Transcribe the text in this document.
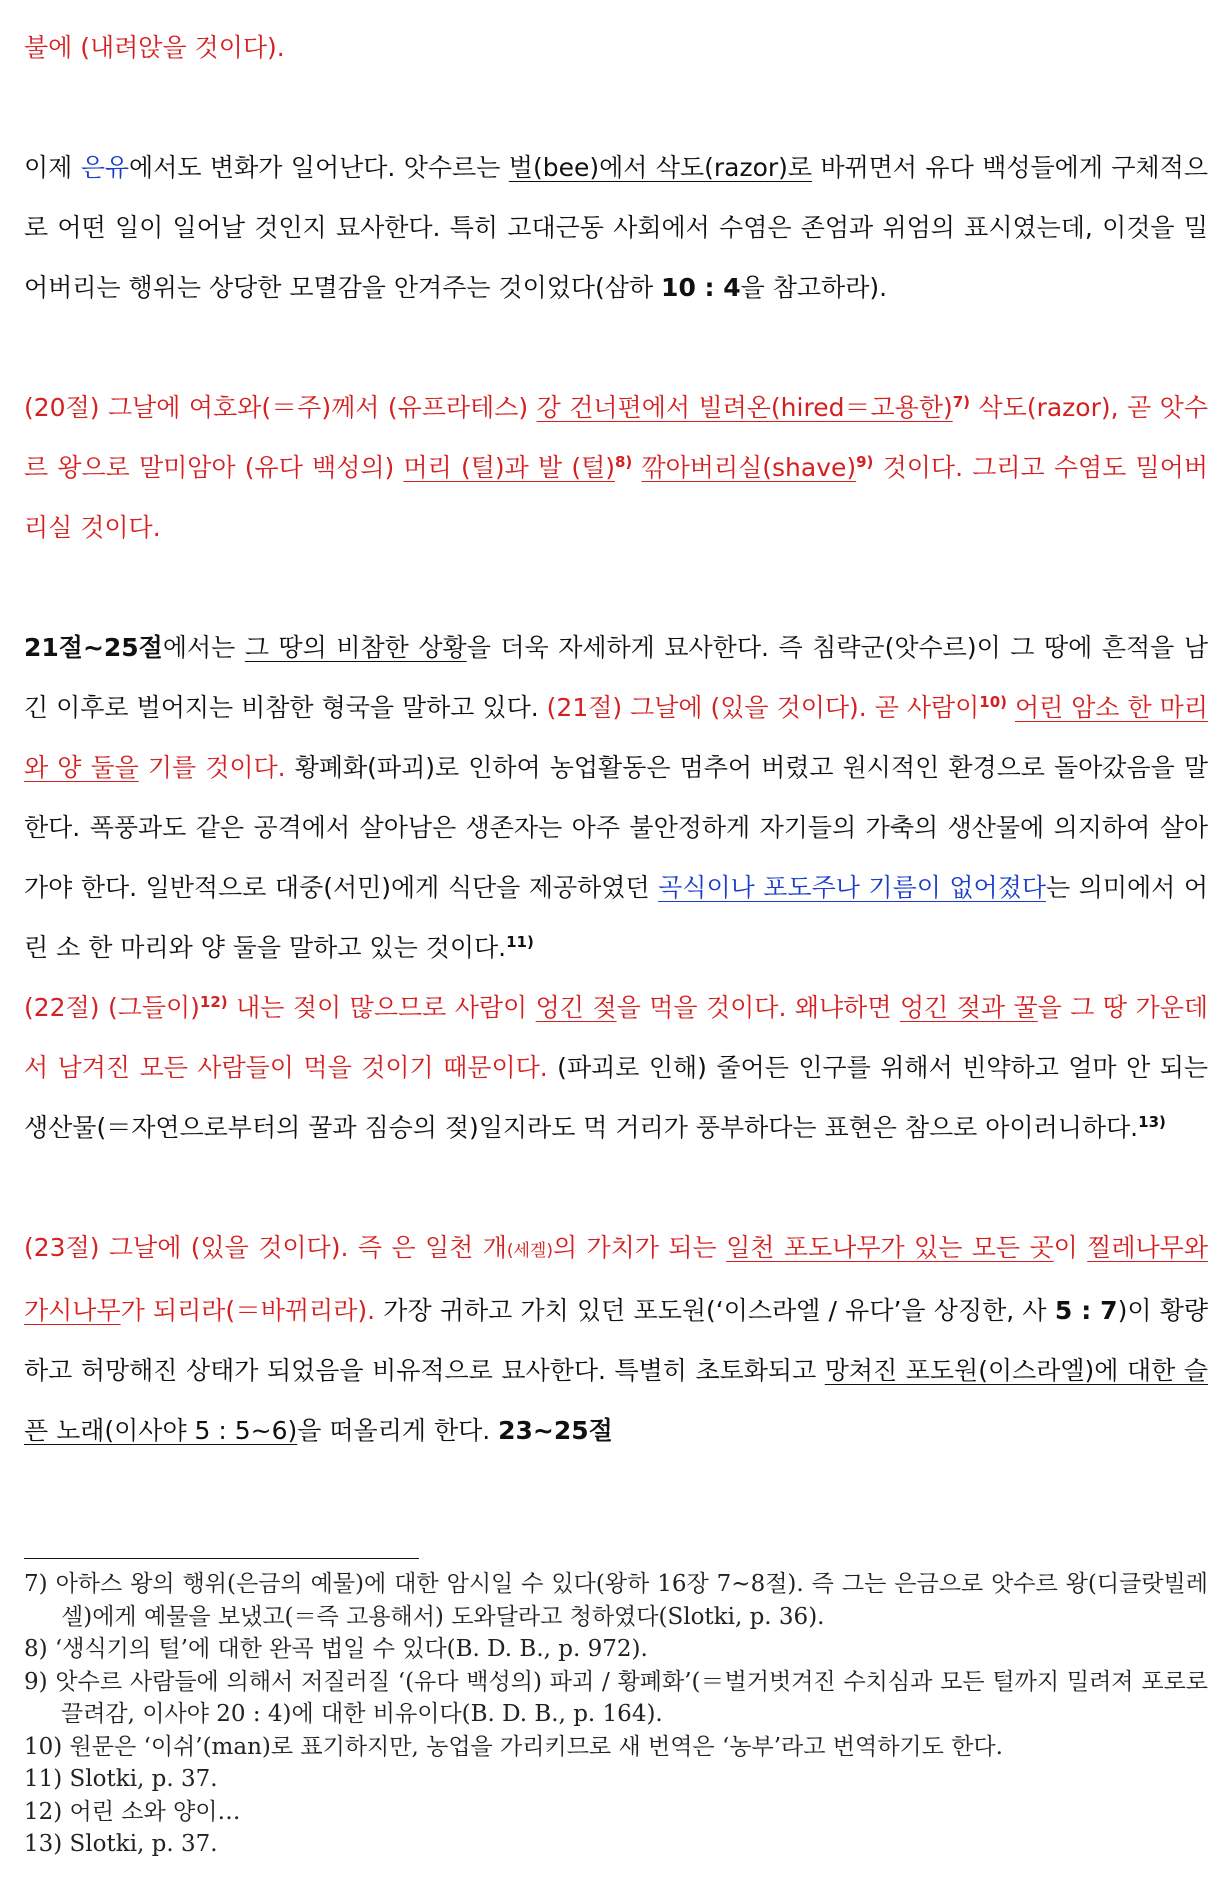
불에 (내려앉을 것이다).

이제 은유에서도 변화가 일어난다. 앗수르는 벌(bee)에서 삭도(razor)로 바뀌면서 유다 백성들에게 구체적으로 어떤 일이 일어날 것인지 묘사한다. 특히 고대근동 사회에서 수염은 존엄과 위엄의 표시였는데, 이것을 밀어버리는 행위는 상당한 모멸감을 안겨주는 것이었다(삼하 10 : 4을 참고하라).

(20절) 그날에 여호와(＝주)께서 (유프라테스) 강 건너편에서 빌려온(hired＝고용한)$^{7)}$ 삭도(razor), 곧 앗수르 왕으로 말미암아 (유다 백성의) 머리 (털)과 발 (털)$^{8)}$ 깎아버리실(shave)$^{9)}$ 것이다. 그리고 수염도 밀어버리실 것이다.

21절~25절에서는 그 땅의 비참한 상황을 더욱 자세하게 묘사한다. 즉 침략군(앗수르)이 그 땅에 흔적을 남긴 이후로 벌어지는 비참한 형국을 말하고 있다. (21절) 그날에 (있을 것이다). 곧 사람이$^{10)}$ 어린 암소 한 마리와 양 둘을 기를 것이다. 황폐화(파괴)로 인하여 농업활동은 멈추어 버렸고 원시적인 환경으로 돌아갔음을 말한다. 폭풍과도 같은 공격에서 살아남은 생존자는 아주 불안정하게 자기들의 가축의 생산물에 의지하여 살아가야 한다. 일반적으로 대중(서민)에게 식단을 제공하였던 곡식이나 포도주나 기름이 없어졌다는 의미에서 어린 소 한 마리와 양 둘을 말하고 있는 것이다.$^{11)}$

(22절) (그들이)$^{12)}$ 내는 젖이 많으므로 사람이 엉긴 젖을 먹을 것이다. 왜냐하면 엉긴 젖과 꿀을 그 땅 가운데서 남겨진 모든 사람들이 먹을 것이기 때문이다. (파괴로 인해) 줄어든 인구를 위해서 빈약하고 얼마 안 되는 생산물(＝자연으로부터의 꿀과 짐승의 젖)일지라도 먹 거리가 풍부하다는 표현은 참으로 아이러니하다.$^{13)}$

(23절) 그날에 (있을 것이다). 즉 은 일천 개(세겔)의 가치가 되는 일천 포도나무가 있는 모든 곳이 찔레나무와 가시나무가 되리라(＝바뀌리라). 가장 귀하고 가치 있던 포도원(‘이스라엘 / 유다’을 상징한, 사 5 : 7)이 황량하고 허망해진 상태가 되었음을 비유적으로 묘사한다. 특별히 초토화되고 망쳐진 포도원(이스라엘)에 대한 슬픈 노래(이사야 5 : 5~6)을 떠올리게 한다. 23~25절

7) 아하스 왕의 행위(은금의 예물)에 대한 암시일 수 있다(왕하 16장 7~8절). 즉 그는 은금으로 앗수르 왕(디글랏빌레셀)에게 예물을 보냈고(＝즉 고용해서) 도와달라고 청하였다(Slotki, p. 36).

8) ‘생식기의 털’에 대한 완곡 법일 수 있다(B. D. B., p. 972).

9) 앗수르 사람들에 의해서 저질러질 ‘(유다 백성의) 파괴 / 황폐화’(＝벌거벗겨진 수치심과 모든 털까지 밀려져 포로로 끌려감, 이사야 20 : 4)에 대한 비유이다(B. D. B., p. 164).

10) 원문은 ‘이쉬’(man)로 표기하지만, 농업을 가리키므로 새 번역은 ‘농부’라고 번역하기도 한다.

11) Slotki, p. 37.

12) 어린 소와 양이…

13) Slotki, p. 37.
